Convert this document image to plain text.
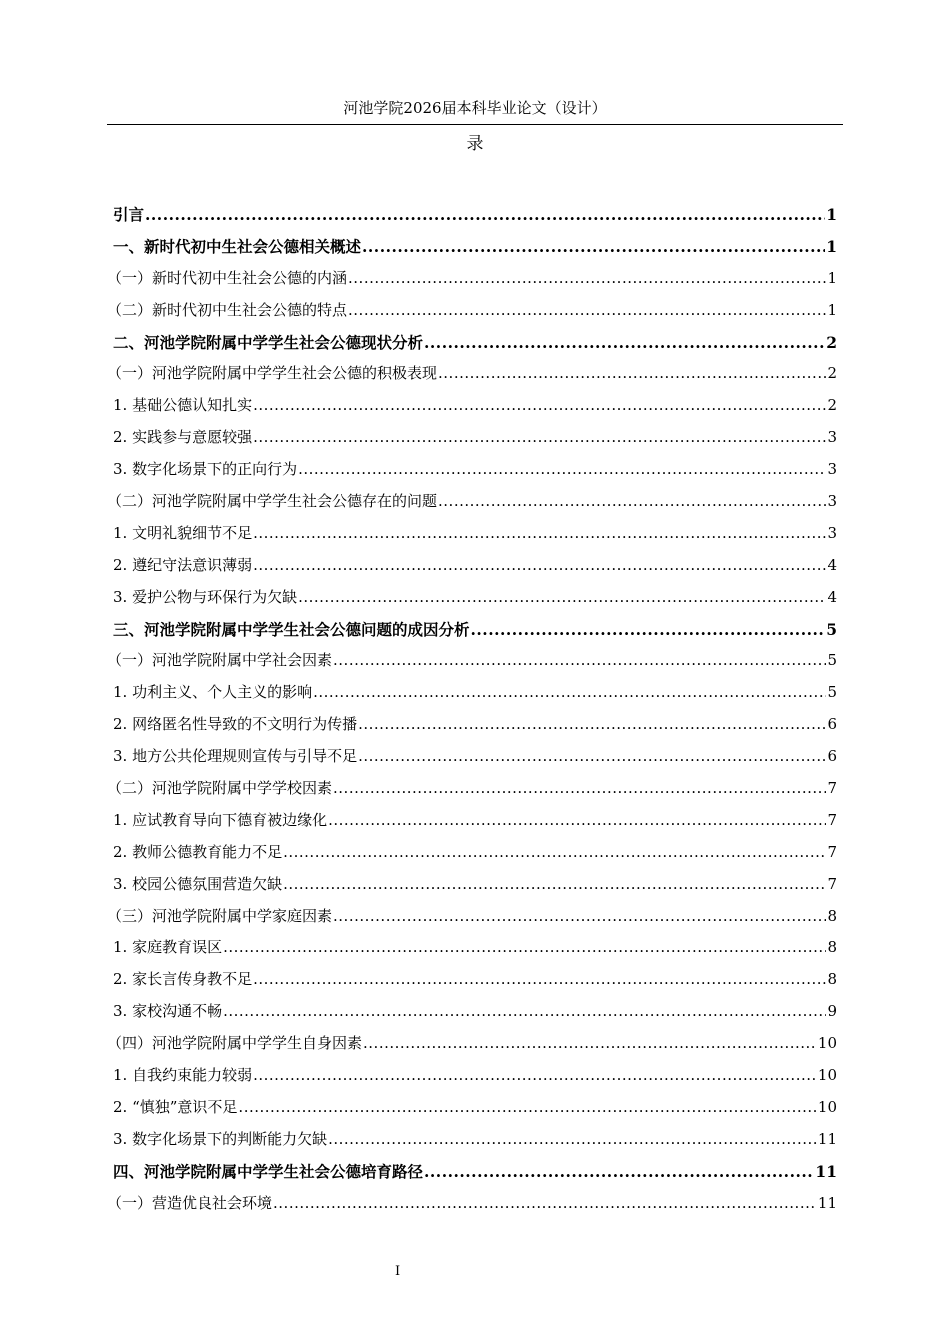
河池学院2026届本科毕业论文（设计）
录
引言 .....	1
一、新时代初中生社会公德相关概述 .....	1
（一）新时代初中生社会公德的内涵 .....	1
（二）新时代初中生社会公德的特点 .....	1
二、河池学院附属中学学生社会公德现状分析 .....	2
（一）河池学院附属中学学生社会公德的积极表现 .....	2
1. 基础公德认知扎实 .....	2
2. 实践参与意愿较强 .....	3
3. 数字化场景下的正向行为 .....	3
（二）河池学院附属中学学生社会公德存在的问题 .....	3
1. 文明礼貌细节不足 .....	3
2. 遵纪守法意识薄弱 .....	4
3. 爱护公物与环保行为欠缺 .....	4
三、河池学院附属中学学生社会公德问题的成因分析 .....	5
（一）河池学院附属中学社会因素 .....	5
1. 功利主义、个人主义的影响 .....	5
2. 网络匿名性导致的不文明行为传播 .....	6
3. 地方公共伦理规则宣传与引导不足 .....	6
（二）河池学院附属中学学校因素 .....	7
1. 应试教育导向下德育被边缘化 .....	7
2. 教师公德教育能力不足 .....	7
3. 校园公德氛围营造欠缺 .....	7
（三）河池学院附属中学家庭因素 .....	8
1. 家庭教育误区 .....	8
2. 家长言传身教不足 .....	8
3. 家校沟通不畅 .....	9
（四）河池学院附属中学学生自身因素 .....	10
1. 自我约束能力较弱 .....	10
2. “慎独”意识不足 .....	10
3. 数字化场景下的判断能力欠缺 .....	11
四、河池学院附属中学学生社会公德培育路径 .....	11
（一）营造优良社会环境 .....	11
I
